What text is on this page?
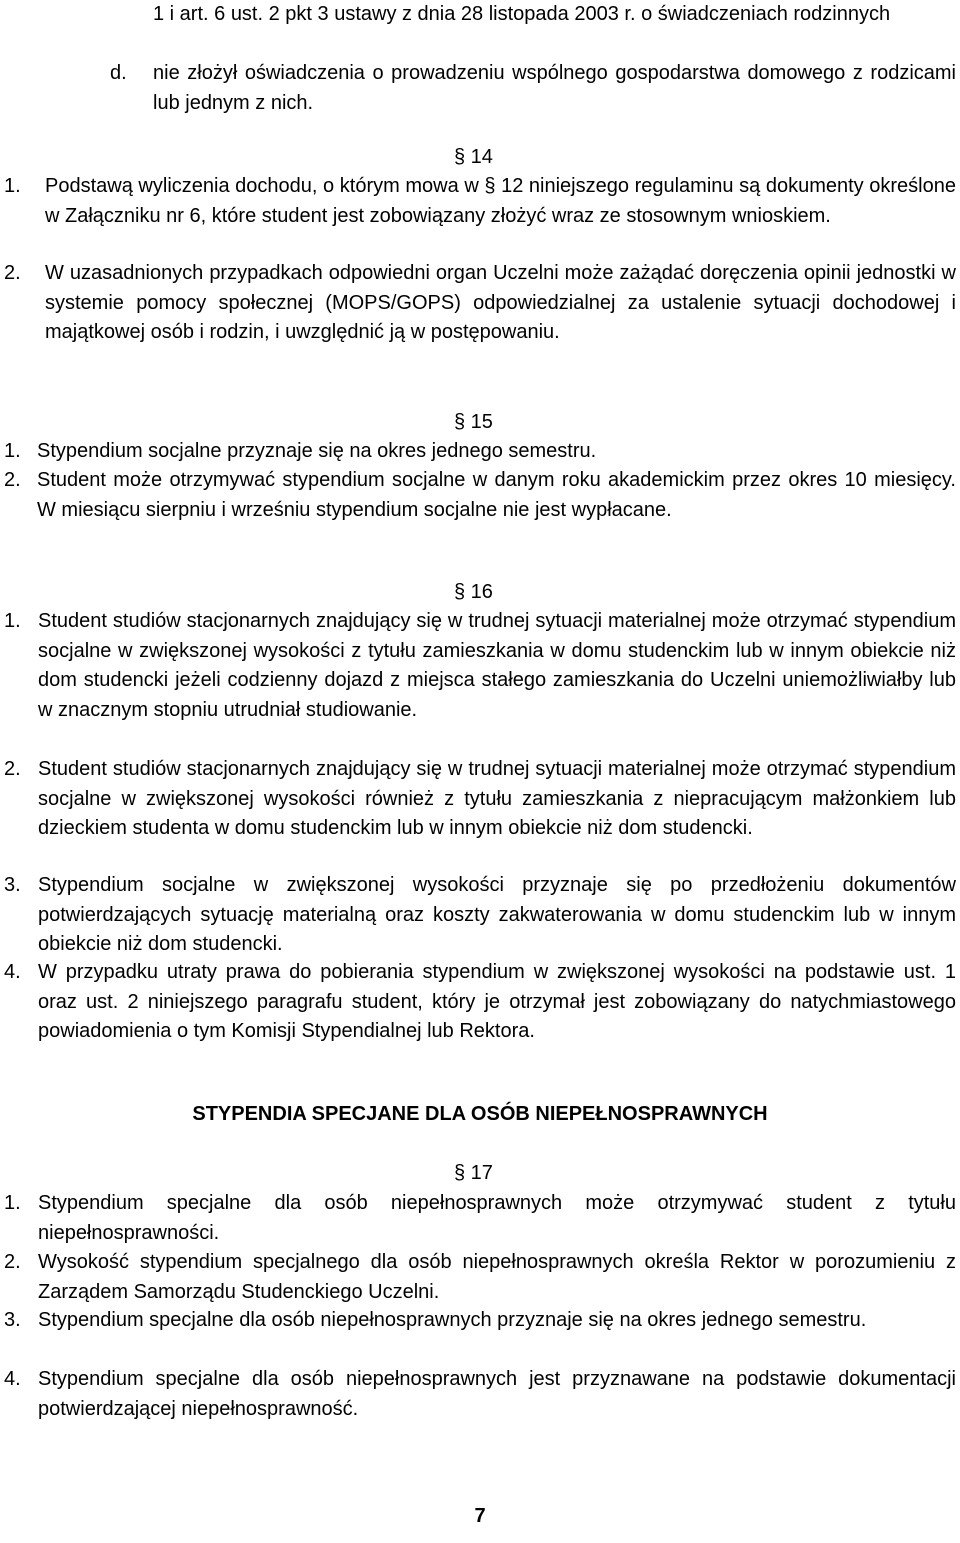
1 i art. 6 ust. 2 pkt 3 ustawy z dnia 28 listopada 2003 r. o świadczeniach rodzinnych
d. nie złożył oświadczenia o prowadzeniu wspólnego gospodarstwa domowego z rodzicami lub jednym z nich.

§ 14

1. Podstawą wyliczenia dochodu, o którym mowa w § 12 niniejszego regulaminu są dokumenty określone w Załączniku nr 6, które student jest zobowiązany złożyć wraz ze stosownym wnioskiem.
2. W uzasadnionych przypadkach odpowiedni organ Uczelni może zażądać doręczenia opinii jednostki w systemie pomocy społecznej (MOPS/GOPS) odpowiedzialnej za ustalenie sytuacji dochodowej i majątkowej osób i rodzin, i uwzględnić ją w postępowaniu.

§ 15

1. Stypendium socjalne przyznaje się na okres jednego semestru.
2. Student może otrzymywać stypendium socjalne w danym roku akademickim przez okres 10 miesięcy. W miesiącu sierpniu i wrześniu stypendium socjalne nie jest wypłacane.

§ 16

1. Student studiów stacjonarnych znajdujący się w trudnej sytuacji materialnej może otrzymać stypendium socjalne w zwiększonej wysokości z tytułu zamieszkania w domu studenckim lub w innym obiekcie niż dom studencki jeżeli codzienny dojazd z miejsca stałego zamieszkania do Uczelni uniemożliwiałby lub w znacznym stopniu utrudniał studiowanie.
2. Student studiów stacjonarnych znajdujący się w trudnej sytuacji materialnej może otrzymać stypendium socjalne w zwiększonej wysokości również z tytułu zamieszkania z niepracującym małżonkiem lub dzieckiem studenta w domu studenckim lub w innym obiekcie niż dom studencki.
3. Stypendium socjalne w zwiększonej wysokości przyznaje się po przedłożeniu dokumentów potwierdzających sytuację materialną oraz koszty zakwaterowania w domu studenckim lub w innym obiekcie niż dom studencki.
4. W przypadku utraty prawa do pobierania stypendium w zwiększonej wysokości na podstawie ust. 1 oraz ust. 2 niniejszego paragrafu student, który je otrzymał jest zobowiązany do natychmiastowego powiadomienia o tym Komisji Stypendialnej lub Rektora.

STYPENDIA SPECJANE DLA OSÓB NIEPEŁNOSPRAWNYCH

§ 17

1. Stypendium specjalne dla osób niepełnosprawnych może otrzymywać student z tytułu niepełnosprawności.
2. Wysokość stypendium specjalnego dla osób niepełnosprawnych określa Rektor w porozumieniu z Zarządem Samorządu Studenckiego Uczelni.
3. Stypendium specjalne dla osób niepełnosprawnych przyznaje się na okres jednego semestru.
4. Stypendium specjalne dla osób niepełnosprawnych jest przyznawane na podstawie dokumentacji potwierdzającej niepełnosprawność.

7
